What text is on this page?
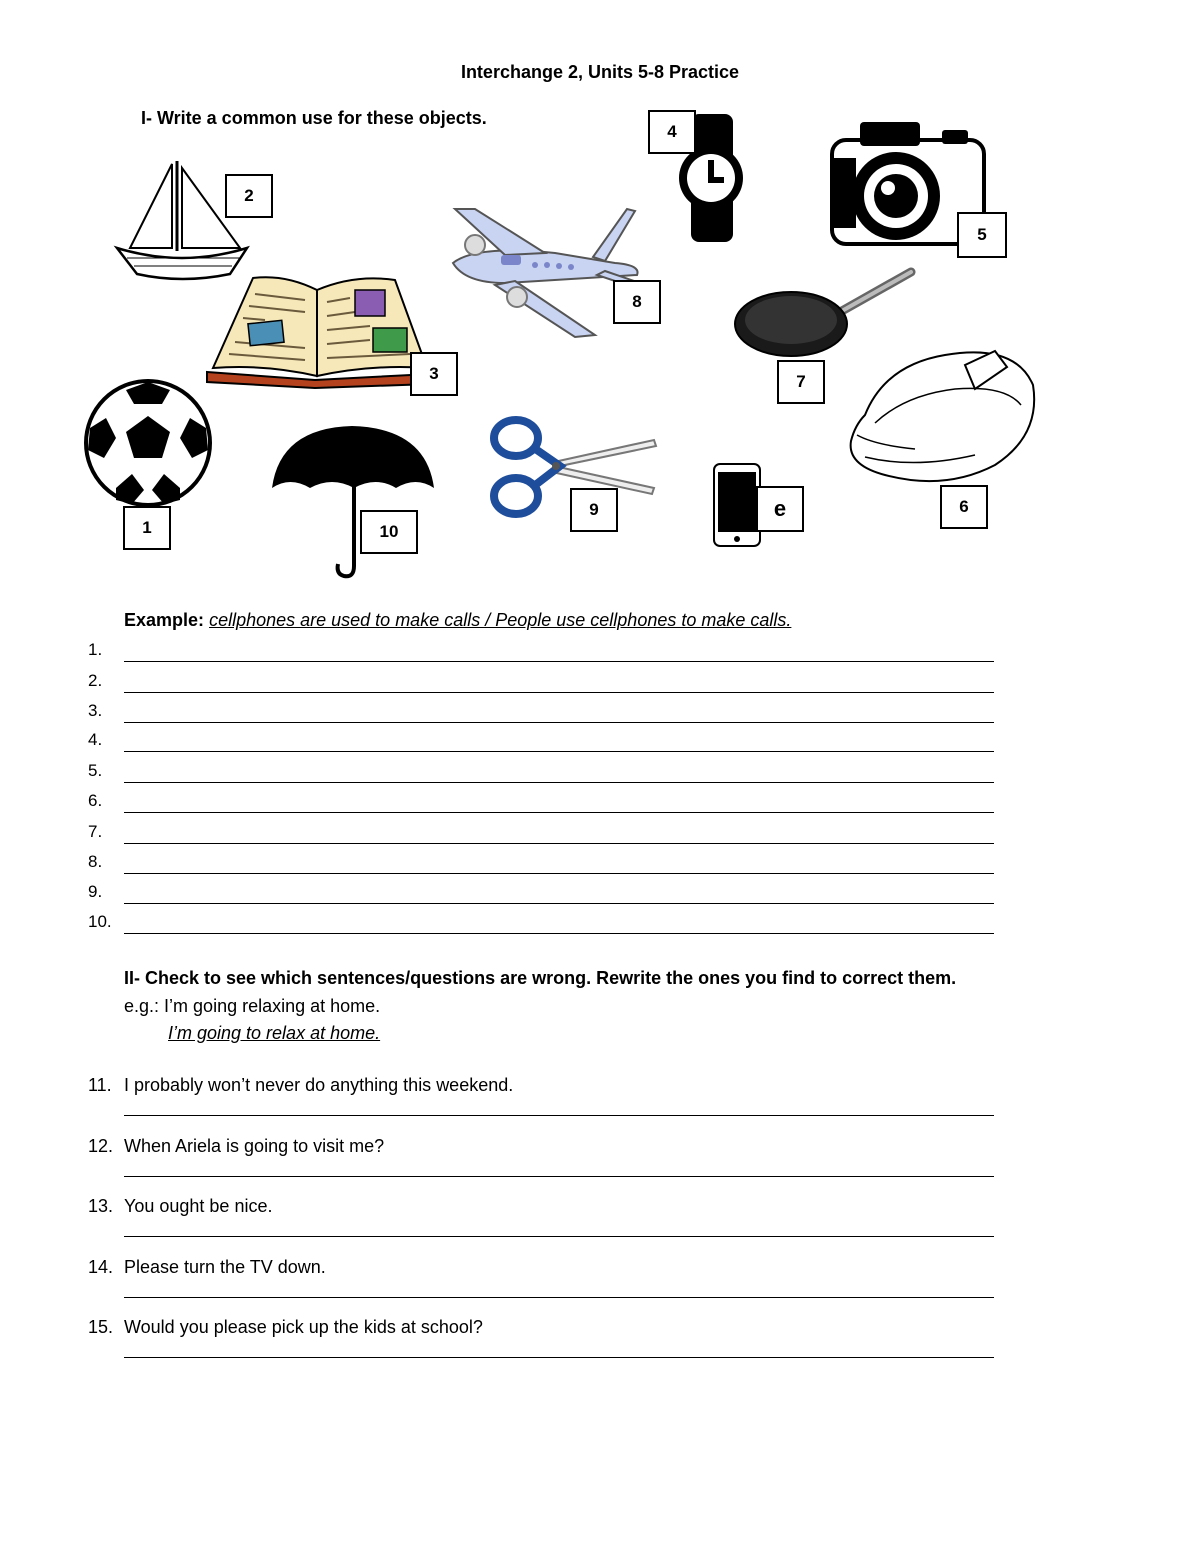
Interchange 2, Units 5-8 Practice
I- Write a common use for these objects.
2
3
4
5
8
7
6
1	10
9	e
Example: cellphones are used to make calls / People use cellphones to make calls.
1.
2.
3.
4.
5.
6.
7.
8.
9.
10.
II- Check to see which sentences/questions are wrong. Rewrite the ones you find to correct them.
e.g.: I’m going relaxing at home.
I’m going to relax at home.
11. I probably won’t never do anything this weekend.
12. When Ariela is going to visit me?
13. You ought be nice.
14. Please turn the TV down.
15. Would you please pick up the kids at school?
